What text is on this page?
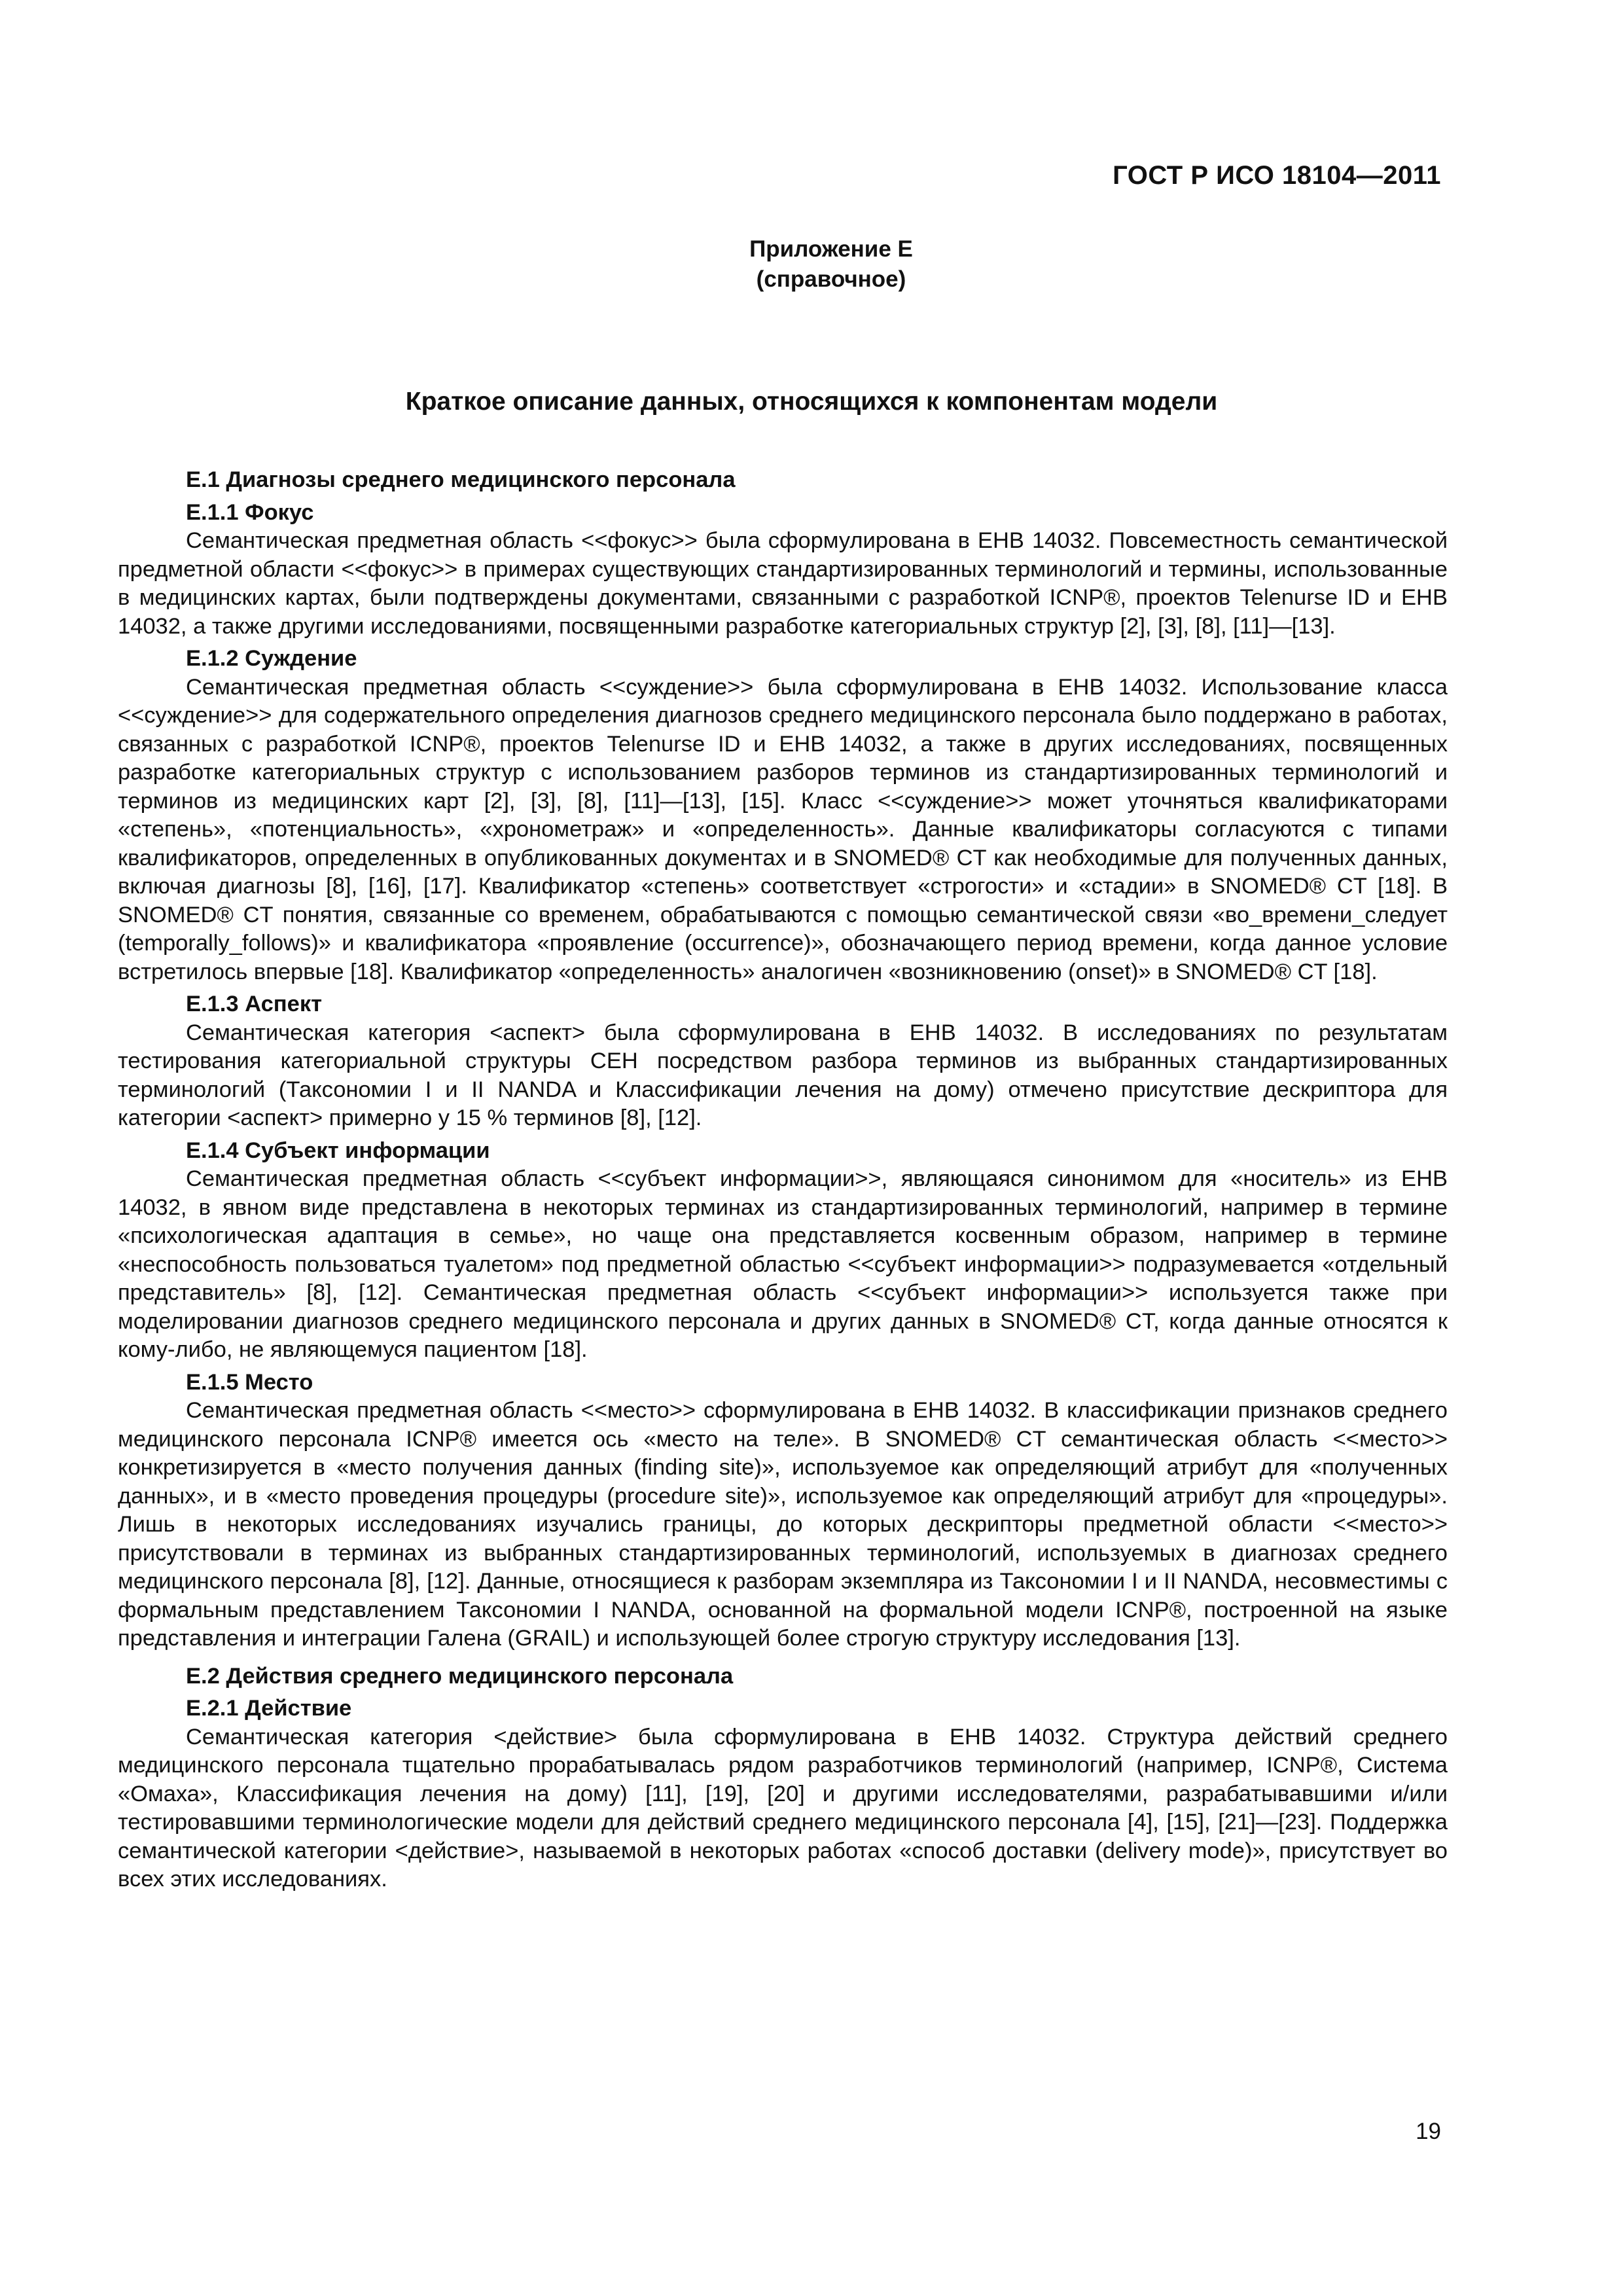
ГОСТ Р ИСО 18104—2011
Приложение Е
(справочное)
Краткое описание данных, относящихся к компонентам модели
Е.1 Диагнозы среднего медицинского персонала
Е.1.1 Фокус

Семантическая предметная область <<фокус>> была сформулирована в ЕНВ 14032. Повсеместность семантической предметной области <<фокус>> в примерах существующих стандартизированных терминологий и термины, использованные в медицинских картах, были подтверждены документами, связанными с разработкой ICNP®, проектов Telenurse ID и ЕНВ 14032, а также другими исследованиями, посвященными разработке категориальных структур [2], [3], [8], [11]—[13].

Е.1.2 Суждение

Семантическая предметная область <<суждение>> была сформулирована в ЕНВ 14032. Использование класса <<суждение>> для содержательного определения диагнозов среднего медицинского персонала было поддержано в работах, связанных с разработкой ICNP®, проектов Telenurse ID и ЕНВ 14032, а также в других исследованиях, посвященных разработке категориальных структур с использованием разборов терминов из стандартизированных терминологий и терминов из медицинских карт [2], [3], [8], [11]—[13], [15]. Класс <<суждение>> может уточняться квалификаторами «степень», «потенциальность», «хронометраж» и «определенность». Данные квалификаторы согласуются с типами квалификаторов, определенных в опубликованных документах и в SNOMED® CT как необходимые для полученных данных, включая диагнозы [8], [16], [17]. Квалификатор «степень» соответствует «строгости» и «стадии» в SNOMED® CT [18]. В SNOMED® CT понятия, связанные со временем, обрабатываются с помощью семантической связи «во_времени_следует (temporally_follows)» и квалификатора «проявление (occurrence)», обозначающего период времени, когда данное условие встретилось впервые [18]. Квалификатор «определенность» аналогичен «возникновению (onset)» в SNOMED® CT [18].

Е.1.3 Аспект

Семантическая категория <аспект> была сформулирована в ЕНВ 14032. В исследованиях по результатам тестирования категориальной структуры СЕН посредством разбора терминов из выбранных стандартизированных терминологий (Таксономии I и II NANDA и Классификации лечения на дому) отмечено присутствие дескриптора для категории <аспект> примерно у 15 % терминов [8], [12].

Е.1.4 Субъект информации

Семантическая предметная область <<субъект информации>>, являющаяся синонимом для «носитель» из ЕНВ 14032, в явном виде представлена в некоторых терминах из стандартизированных терминологий, например в термине «психологическая адаптация в семье», но чаще она представляется косвенным образом, например в термине «неспособность пользоваться туалетом» под предметной областью <<субъект информации>> подразумевается «отдельный представитель» [8], [12]. Семантическая предметная область <<субъект информации>> используется также при моделировании диагнозов среднего медицинского персонала и других данных в SNOMED® CT, когда данные относятся к кому-либо, не являющемуся пациентом [18].

Е.1.5 Место

Семантическая предметная область <<место>> сформулирована в ЕНВ 14032. В классификации признаков среднего медицинского персонала ICNP® имеется ось «место на теле». В SNOMED® CT семантическая область <<место>> конкретизируется в «место получения данных (finding site)», используемое как определяющий атрибут для «полученных данных», и в «место проведения процедуры (procedure site)», используемое как определяющий атрибут для «процедуры». Лишь в некоторых исследованиях изучались границы, до которых дескрипторы предметной области <<место>> присутствовали в терминах из выбранных стандартизированных терминологий, используемых в диагнозах среднего медицинского персонала [8], [12]. Данные, относящиеся к разборам экземпляра из Таксономии I и II NANDA, несовместимы с формальным представлением Таксономии I NANDA, основанной на формальной модели ICNP®, построенной на языке представления и интеграции Галена (GRAIL) и использующей более строгую структуру исследования [13].

Е.2 Действия среднего медицинского персонала
Е.2.1 Действие

Семантическая категория <действие> была сформулирована в ЕНВ 14032. Структура действий среднего медицинского персонала тщательно прорабатывалась рядом разработчиков терминологий (например, ICNP®, Система «Омаха», Классификация лечения на дому) [11], [19], [20] и другими исследователями, разрабатывавшими и/или тестировавшими терминологические модели для действий среднего медицинского персонала [4], [15], [21]—[23]. Поддержка семантической категории <действие>, называемой в некоторых работах «способ доставки (delivery mode)», присутствует во всех этих исследованиях.

19
